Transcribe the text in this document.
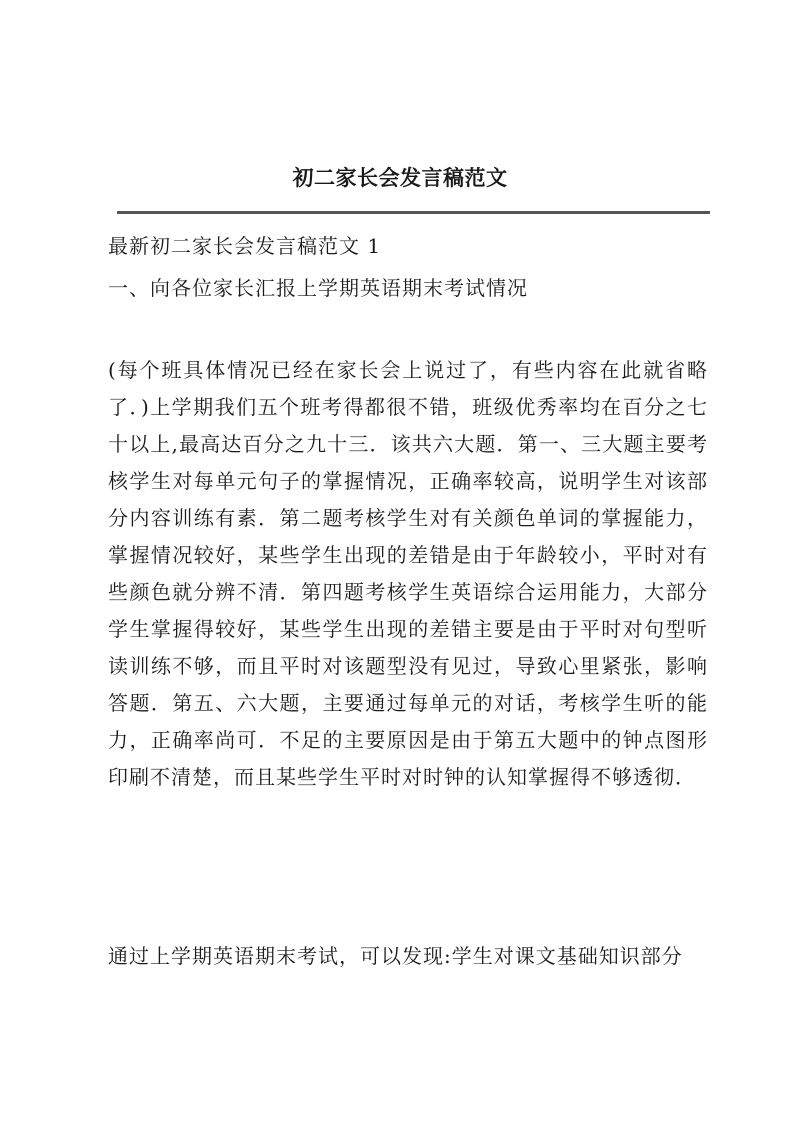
初二家长会发言稿范文
最新初二家长会发言稿范文 1
一、向各位家长汇报上学期英语期末考试情况
(每个班具体情况已经在家长会上说过了，有些内容在此就省略了．)上学期我们五个班考得都很不错，班级优秀率均在百分之七十以上,最高达百分之九十三．该共六大题．第一、三大题主要考核学生对每单元句子的掌握情况，正确率较高，说明学生对该部分内容训练有素．第二题考核学生对有关颜色单词的掌握能力，掌握情况较好，某些学生出现的差错是由于年龄较小，平时对有些颜色就分辨不清．第四题考核学生英语综合运用能力，大部分学生掌握得较好，某些学生出现的差错主要是由于平时对句型听读训练不够，而且平时对该题型没有见过，导致心里紧张，影响答题．第五、六大题，主要通过每单元的对话，考核学生听的能力，正确率尚可．不足的主要原因是由于第五大题中的钟点图形印刷不清楚，而且某些学生平时对时钟的认知掌握得不够透彻．
通过上学期英语期末考试，可以发现:学生对课文基础知识部分
